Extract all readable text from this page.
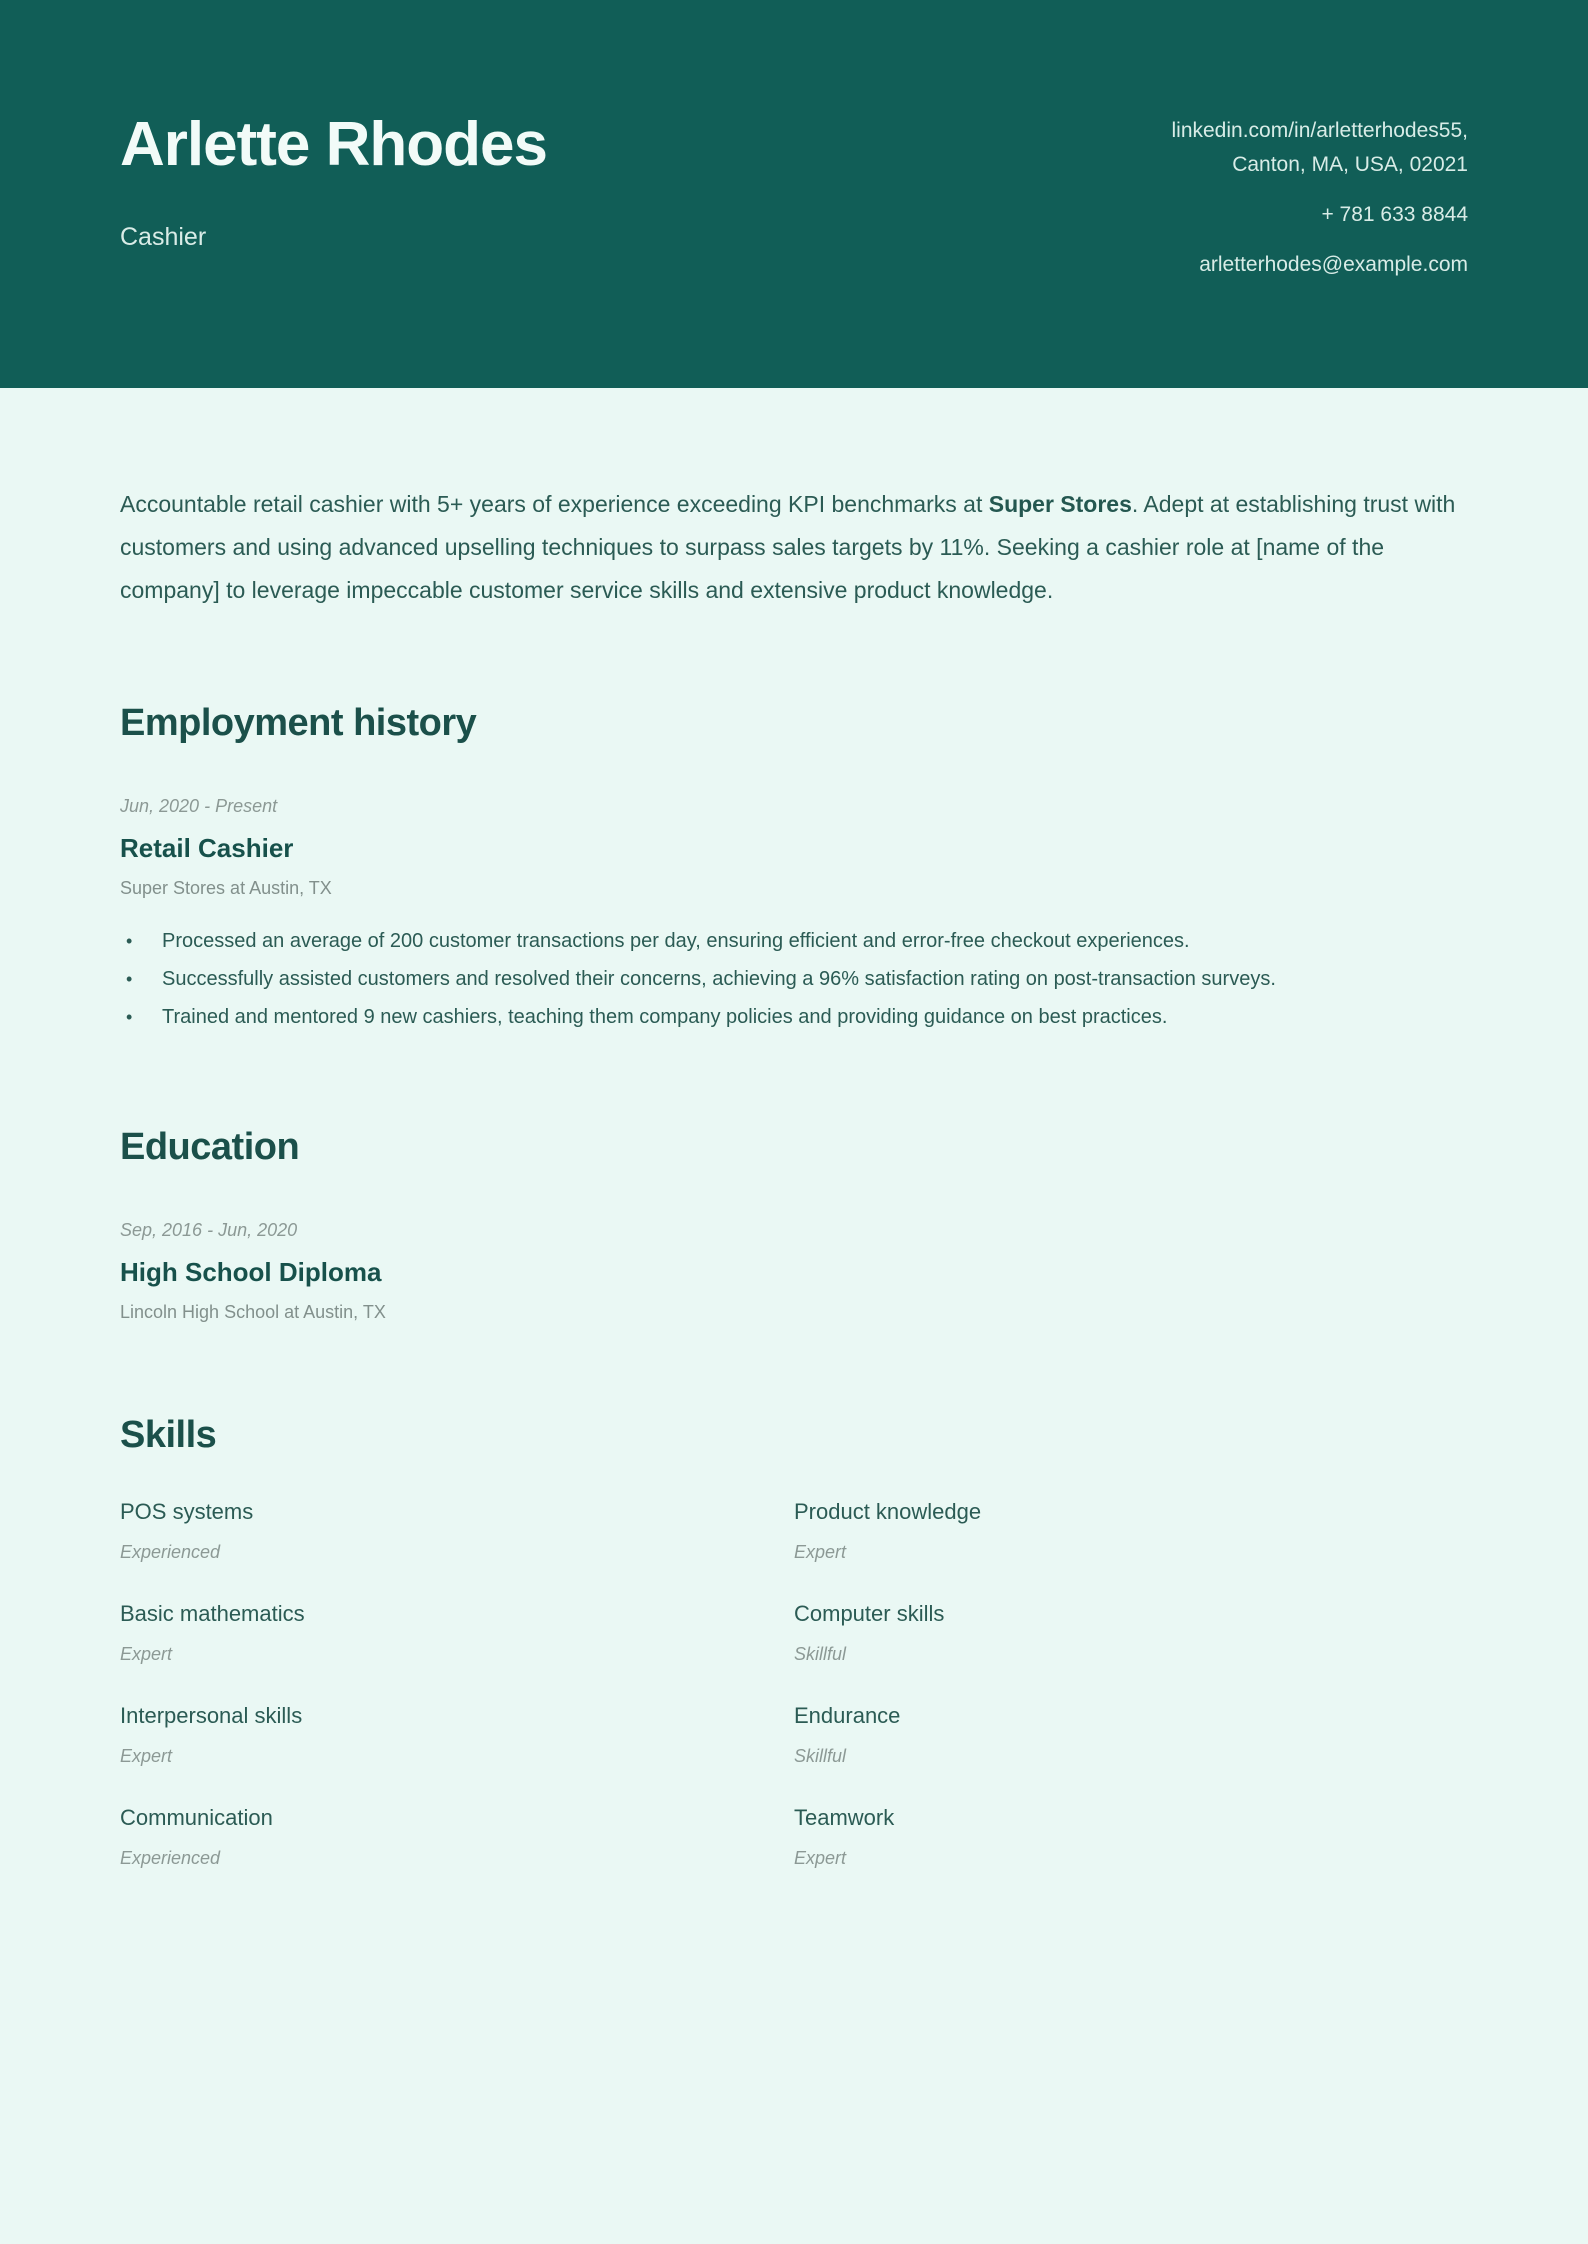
Arlette Rhodes
Cashier
linkedin.com/in/arletterhodes55,
Canton, MA, USA, 02021
+ 781 633 8844
arletterhodes@example.com

Accountable retail cashier with 5+ years of experience exceeding KPI benchmarks at Super Stores. Adept at establishing trust with customers and using advanced upselling techniques to surpass sales targets by 11%. Seeking a cashier role at [name of the company] to leverage impeccable customer service skills and extensive product knowledge.

Employment history
Jun, 2020 - Present
Retail Cashier
Super Stores at Austin, TX
• Processed an average of 200 customer transactions per day, ensuring efficient and error-free checkout experiences.
• Successfully assisted customers and resolved their concerns, achieving a 96% satisfaction rating on post-transaction surveys.
• Trained and mentored 9 new cashiers, teaching them company policies and providing guidance on best practices.
Education
Sep, 2016 - Jun, 2020
High School Diploma
Lincoln High School at Austin, TX
Skills
POS systems
Experienced
Product knowledge
Expert
Basic mathematics
Expert
Computer skills
Skillful
Interpersonal skills
Expert
Endurance
Skillful
Communication
Experienced
Teamwork
Expert
